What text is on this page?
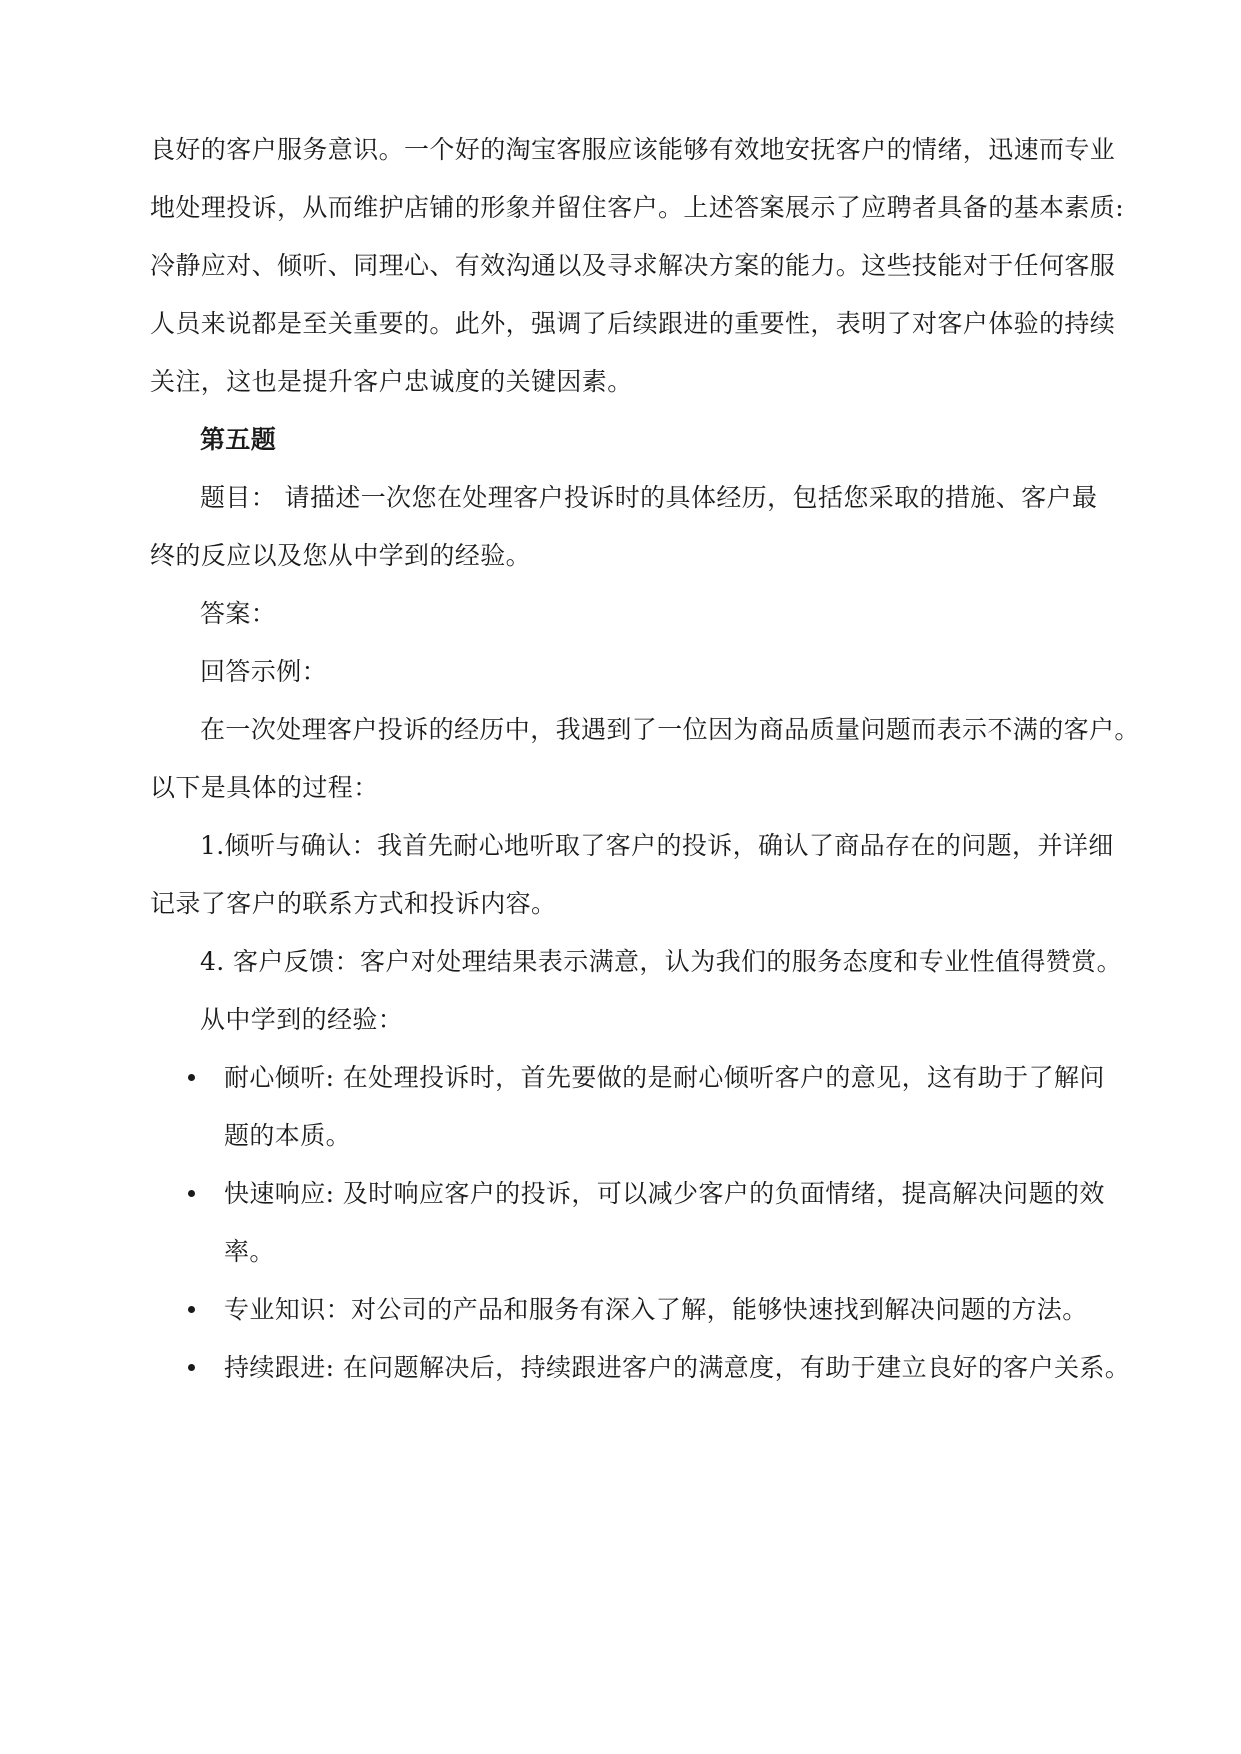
良好的客户服务意识。一个好的淘宝客服应该能够有效地安抚客户的情绪，迅速而专业
地处理投诉，从而维护店铺的形象并留住客户。上述答案展示了应聘者具备的基本素质:
冷静应对、倾听、同理心、有效沟通以及寻求解决方案的能力。这些技能对于任何客服
人员来说都是至关重要的。此外，强调了后续跟进的重要性，表明了对客户体验的持续
关注，这也是提升客户忠诚度的关键因素。
第五题
题目： 请描述一次您在处理客户投诉时的具体经历，包括您采取的措施、客户最
终的反应以及您从中学到的经验。
答案：
回答示例：
在一次处理客户投诉的经历中，我遇到了一位因为商品质量问题而表示不满的客户。
以下是具体的过程：
1.倾听与确认：我首先耐心地听取了客户的投诉，确认了商品存在的问题，并详细
记录了客户的联系方式和投诉内容。
4. 客户反馈：客户对处理结果表示满意，认为我们的服务态度和专业性值得赞赏。
从中学到的经验：
耐心倾听: 在处理投诉时，首先要做的是耐心倾听客户的意见，这有助于了解问
题的本质。
快速响应: 及时响应客户的投诉，可以减少客户的负面情绪，提高解决问题的效
率。
专业知识：对公司的产品和服务有深入了解，能够快速找到解决问题的方法。
持续跟进: 在问题解决后，持续跟进客户的满意度，有助于建立良好的客户关系。
